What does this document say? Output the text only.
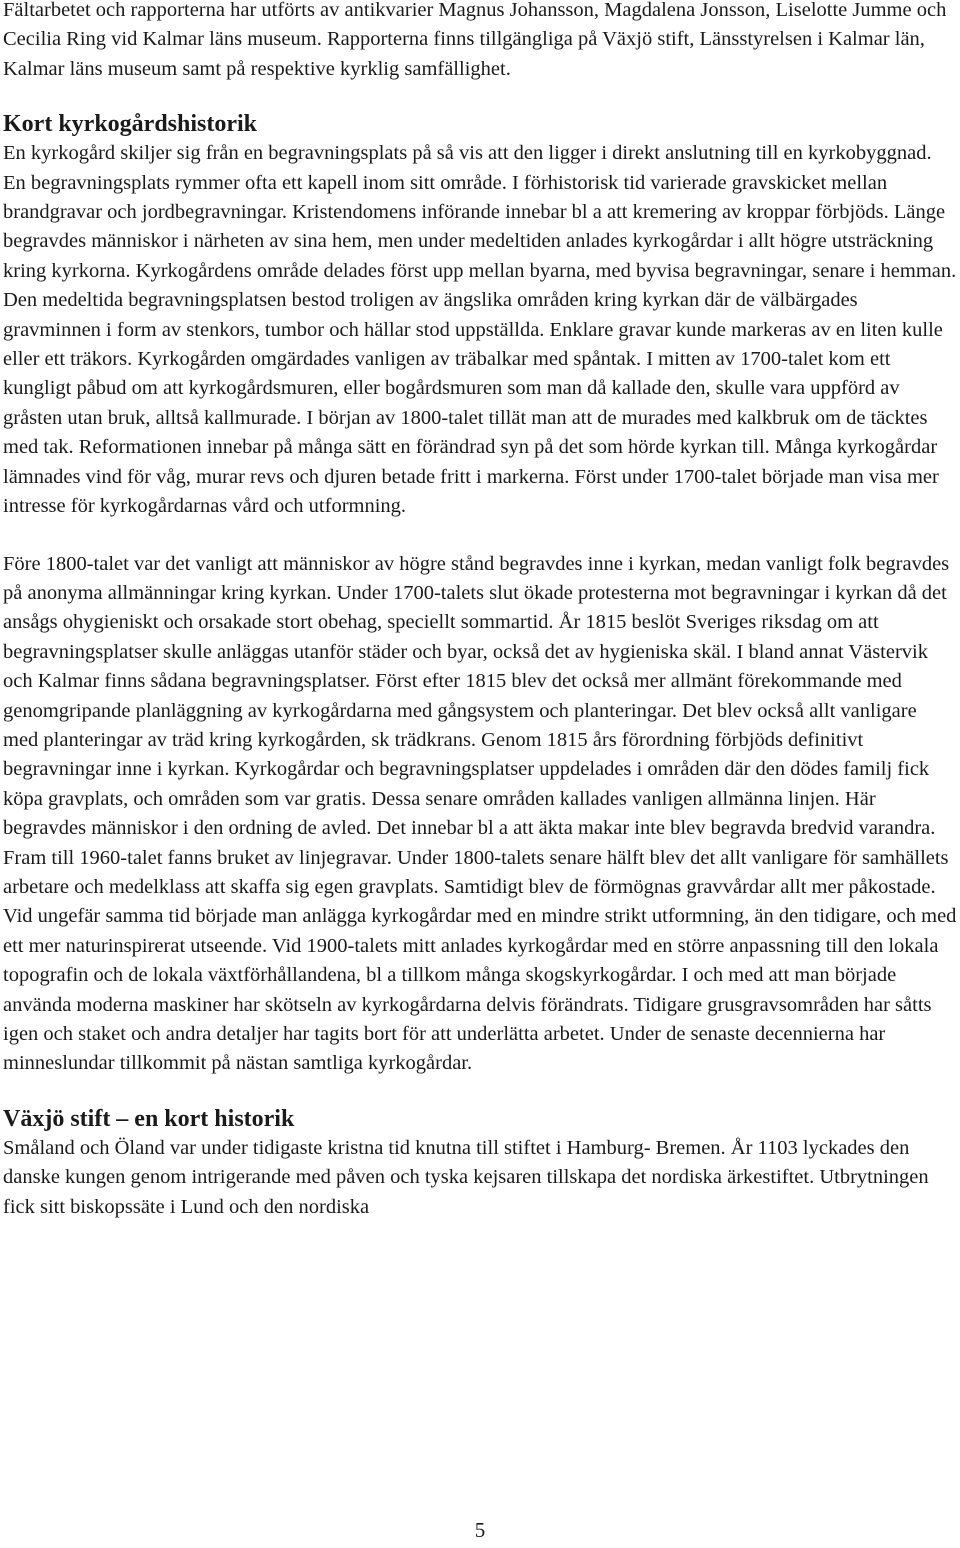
Fältarbetet och rapporterna har utförts av antikvarier Magnus Johansson, Magdalena Jonsson, Liselotte Jumme och Cecilia Ring vid Kalmar läns museum. Rapporterna finns tillgängliga på Växjö stift, Länsstyrelsen i Kalmar län, Kalmar läns museum samt på respektive kyrklig samfällighet.

Kort kyrkogårdshistorik

En kyrkogård skiljer sig från en begravningsplats på så vis att den ligger i direkt anslutning till en kyrkobyggnad. En begravningsplats rymmer ofta ett kapell inom sitt område. I förhistorisk tid varierade gravskicket mellan brandgravar och jordbegravningar. Kristendomens införande innebar bl a att kremering av kroppar förbjöds. Länge begravdes människor i närheten av sina hem, men under medeltiden anlades kyrkogårdar i allt högre utsträckning kring kyrkorna. Kyrkogårdens område delades först upp mellan byarna, med byvisa begravningar, senare i hemman. Den medeltida begravningsplatsen bestod troligen av ängslika områden kring kyrkan där de välbärgades gravminnen i form av stenkors, tumbor och hällar stod uppställda. Enklare gravar kunde markeras av en liten kulle eller ett träkors. Kyrkogården omgärdades vanligen av träbalkar med spåntak. I mitten av 1700-talet kom ett kungligt påbud om att kyrkogårdsmuren, eller bogårdsmuren som man då kallade den, skulle vara uppförd av gråsten utan bruk, alltså kallmurade. I början av 1800-talet tillät man att de murades med kalkbruk om de täcktes med tak. Reformationen innebar på många sätt en förändrad syn på det som hörde kyrkan till. Många kyrkogårdar lämnades vind för våg, murar revs och djuren betade fritt i markerna. Först under 1700-talet började man visa mer intresse för kyrkogårdarnas vård och utformning.

Före 1800-talet var det vanligt att människor av högre stånd begravdes inne i kyrkan, medan vanligt folk begravdes på anonyma allmänningar kring kyrkan. Under 1700-talets slut ökade protesterna mot begravningar i kyrkan då det ansågs ohygieniskt och orsakade stort obehag, speciellt sommartid. År 1815 beslöt Sveriges riksdag om att begravningsplatser skulle anläggas utanför städer och byar, också det av hygieniska skäl. I bland annat Västervik och Kalmar finns sådana begravningsplatser. Först efter 1815 blev det också mer allmänt förekommande med genomgripande planläggning av kyrkogårdarna med gångsystem och planteringar. Det blev också allt vanligare med planteringar av träd kring kyrkogården, sk trädkrans. Genom 1815 års förordning förbjöds definitivt begravningar inne i kyrkan. Kyrkogårdar och begravningsplatser uppdelades i områden där den dödes familj fick köpa gravplats, och områden som var gratis. Dessa senare områden kallades vanligen allmänna linjen. Här begravdes människor i den ordning de avled. Det innebar bl a att äkta makar inte blev begravda bredvid varandra. Fram till 1960-talet fanns bruket av linjegravar. Under 1800-talets senare hälft blev det allt vanligare för samhällets arbetare och medelklass att skaffa sig egen gravplats. Samtidigt blev de förmögnas gravvårdar allt mer påkostade. Vid ungefär samma tid började man anlägga kyrkogårdar med en mindre strikt utformning, än den tidigare, och med ett mer naturinspirerat utseende. Vid 1900-talets mitt anlades kyrkogårdar med en större anpassning till den lokala topografin och de lokala växtförhållandena, bl a tillkom många skogskyrkogårdar. I och med att man började använda moderna maskiner har skötseln av kyrkogårdarna delvis förändrats. Tidigare grusgravsområden har såtts igen och staket och andra detaljer har tagits bort för att underlätta arbetet. Under de senaste decennierna har minneslundar tillkommit på nästan samtliga kyrkogårdar.

Växjö stift – en kort historik

Småland och Öland var under tidigaste kristna tid knutna till stiftet i Hamburg- Bremen. År 1103 lyckades den danske kungen genom intrigerande med påven och tyska kejsaren tillskapa det nordiska ärkestiftet. Utbrytningen fick sitt biskopssäte i Lund och den nordiska

5
